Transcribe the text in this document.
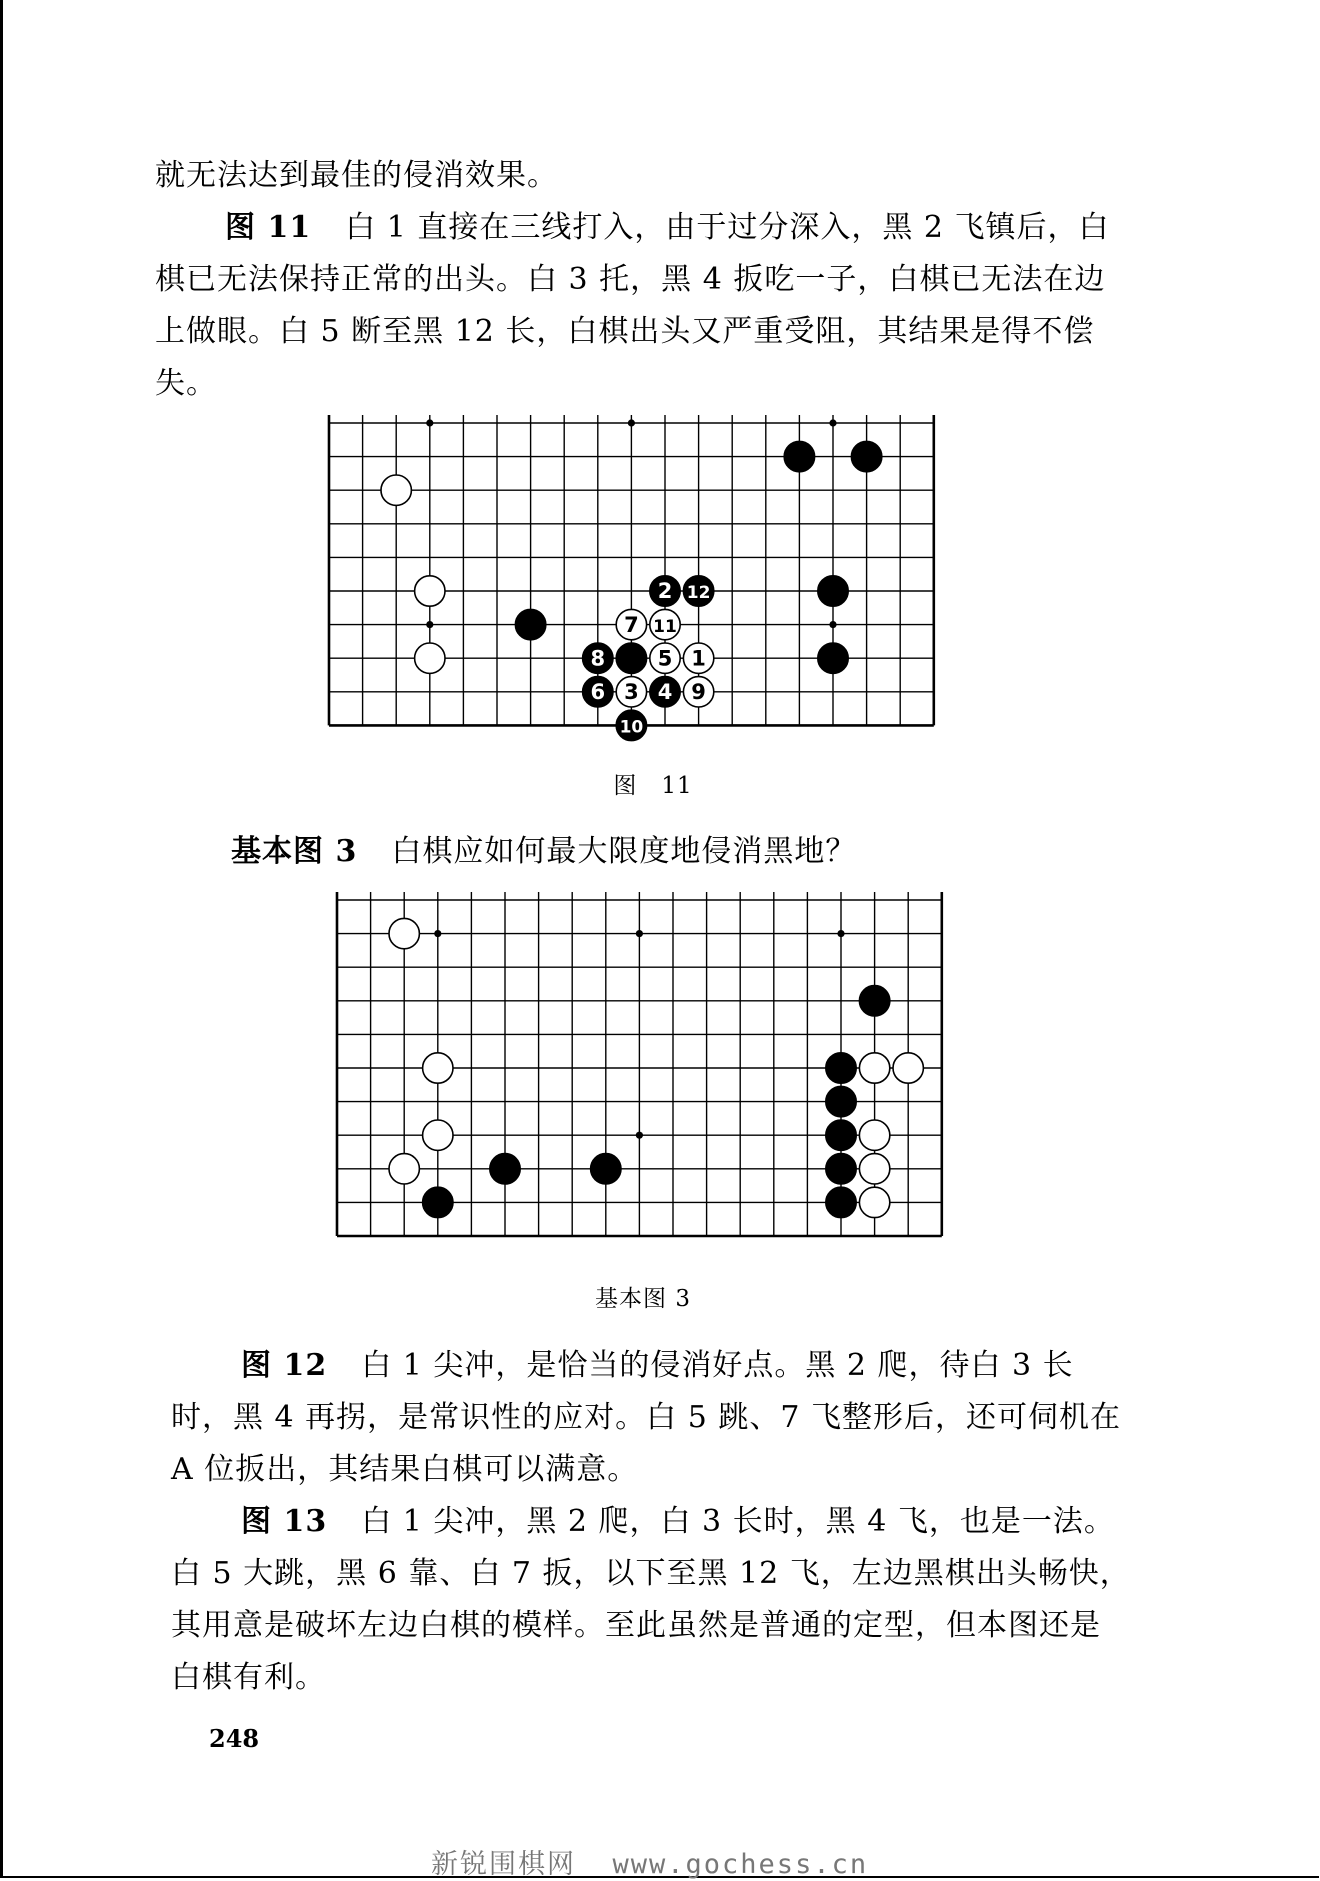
就无法达到最佳的侵消效果。

图 11 白 1 直接在三线打入，由于过分深入，黑 2 飞镇后，白棋已无法保持正常的出头。白 3 托，黑 4 扳吃一子，白棋已无法在边上做眼。白 5 断至黑 12 长，白棋出头又严重受阻，其结果是得不偿失。

5 1
2 12
7 11
8
6 3 4 9
10
图　11

基本图 3 白棋应如何最大限度地侵消黑地？

基本图 3

图 12 白 1 尖冲，是恰当的侵消好点。黑 2 爬，待白 3 长时，黑 4 再拐，是常识性的应对。白 5 跳、7 飞整形后，还可伺机在 A 位扳出，其结果白棋可以满意。

图 13 白 1 尖冲，黑 2 爬，白 3 长时，黑 4 飞，也是一法。白 5 大跳，黑 6 靠、白 7 扳，以下至黑 12 飞，左边黑棋出头畅快，其用意是破坏左边白棋的模样。至此虽然是普通的定型，但本图还是白棋有利。

248
新锐围棋网  www.gochess.cn
